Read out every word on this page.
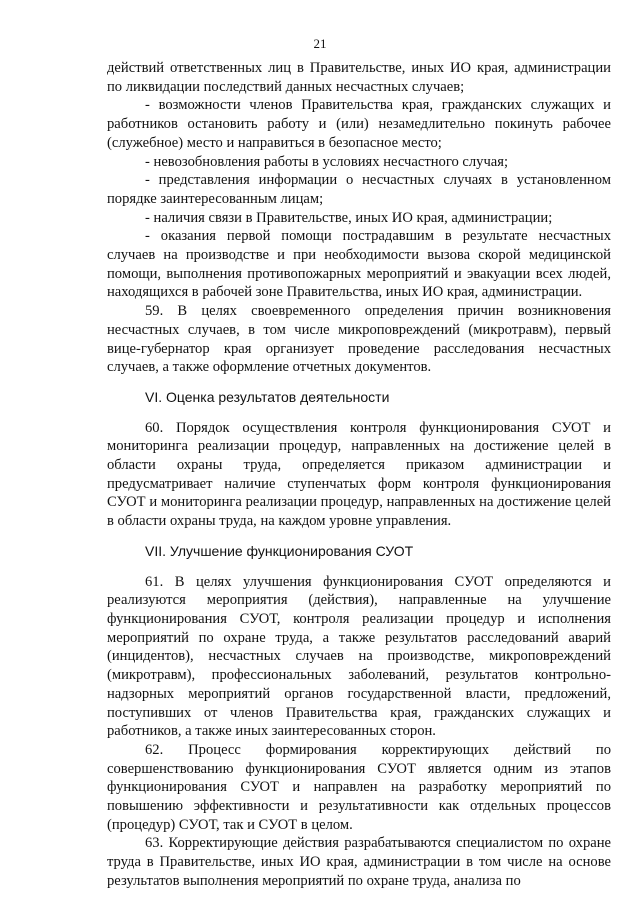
21

действий ответственных лиц в Правительстве, иных ИО края, администрации по ликвидации последствий данных несчастных случаев;

- возможности членов Правительства края, гражданских служащих и работников остановить работу и (или) незамедлительно покинуть рабочее (служебное) место и направиться в безопасное место;

- невозобновления работы в условиях несчастного случая;

- представления информации о несчастных случаях в установленном порядке заинтересованным лицам;

- наличия связи в Правительстве, иных ИО края, администрации;

- оказания первой помощи пострадавшим в результате несчастных случаев на производстве и при необходимости вызова скорой медицинской помощи, выполнения противопожарных мероприятий и эвакуации всех людей, находящихся в рабочей зоне Правительства, иных ИО края, администрации.

59. В целях своевременного определения причин возникновения несчастных случаев, в том числе микроповреждений (микротравм), первый вице-губернатор края организует проведение расследования несчастных случаев, а также оформление отчетных документов.

VI. Оценка результатов деятельности

60. Порядок осуществления контроля функционирования СУОТ и мониторинга реализации процедур, направленных на достижение целей в области охраны труда, определяется приказом администрации и предусматривает наличие ступенчатых форм контроля функционирования СУОТ и мониторинга реализации процедур, направленных на достижение целей в области охраны труда, на каждом уровне управления.

VII. Улучшение функционирования СУОТ

61. В целях улучшения функционирования СУОТ определяются и реализуются мероприятия (действия), направленные на улучшение функционирования СУОТ, контроля реализации процедур и исполнения мероприятий по охране труда, а также результатов расследований аварий (инцидентов), несчастных случаев на производстве, микроповреждений (микротравм), профессиональных заболеваний, результатов контрольно-надзорных мероприятий органов государственной власти, предложений, поступивших от членов Правительства края, гражданских служащих и работников, а также иных заинтересованных сторон.

62. Процесс формирования корректирующих действий по совершенствованию функционирования СУОТ является одним из этапов функционирования СУОТ и направлен на разработку мероприятий по повышению эффективности и результативности как отдельных процессов (процедур) СУОТ, так и СУОТ в целом.

63. Корректирующие действия разрабатываются специалистом по охране труда в Правительстве, иных ИО края, администрации в том числе на основе результатов выполнения мероприятий по охране труда, анализа по
